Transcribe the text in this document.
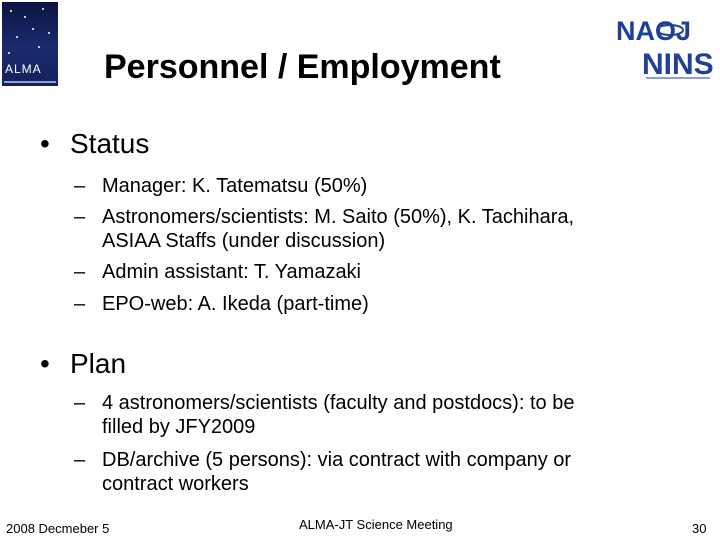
ALMA
NAOJ
NINS
Personnel / Employment

• Status

– Manager: K. Tatematsu (50%)
– Astronomers/scientists: M. Saito (50%), K. Tachihara,
ASIAA Staffs (under discussion)
– Admin assistant: T. Yamazaki
– EPO-web: A. Ikeda (part-time)

• Plan

– 4 astronomers/scientists (faculty and postdocs): to be
filled by JFY2009
– DB/archive (5 persons): via contract with company or
contract workers
2008 Decmeber 5	ALMA-JT Science Meeting	30
